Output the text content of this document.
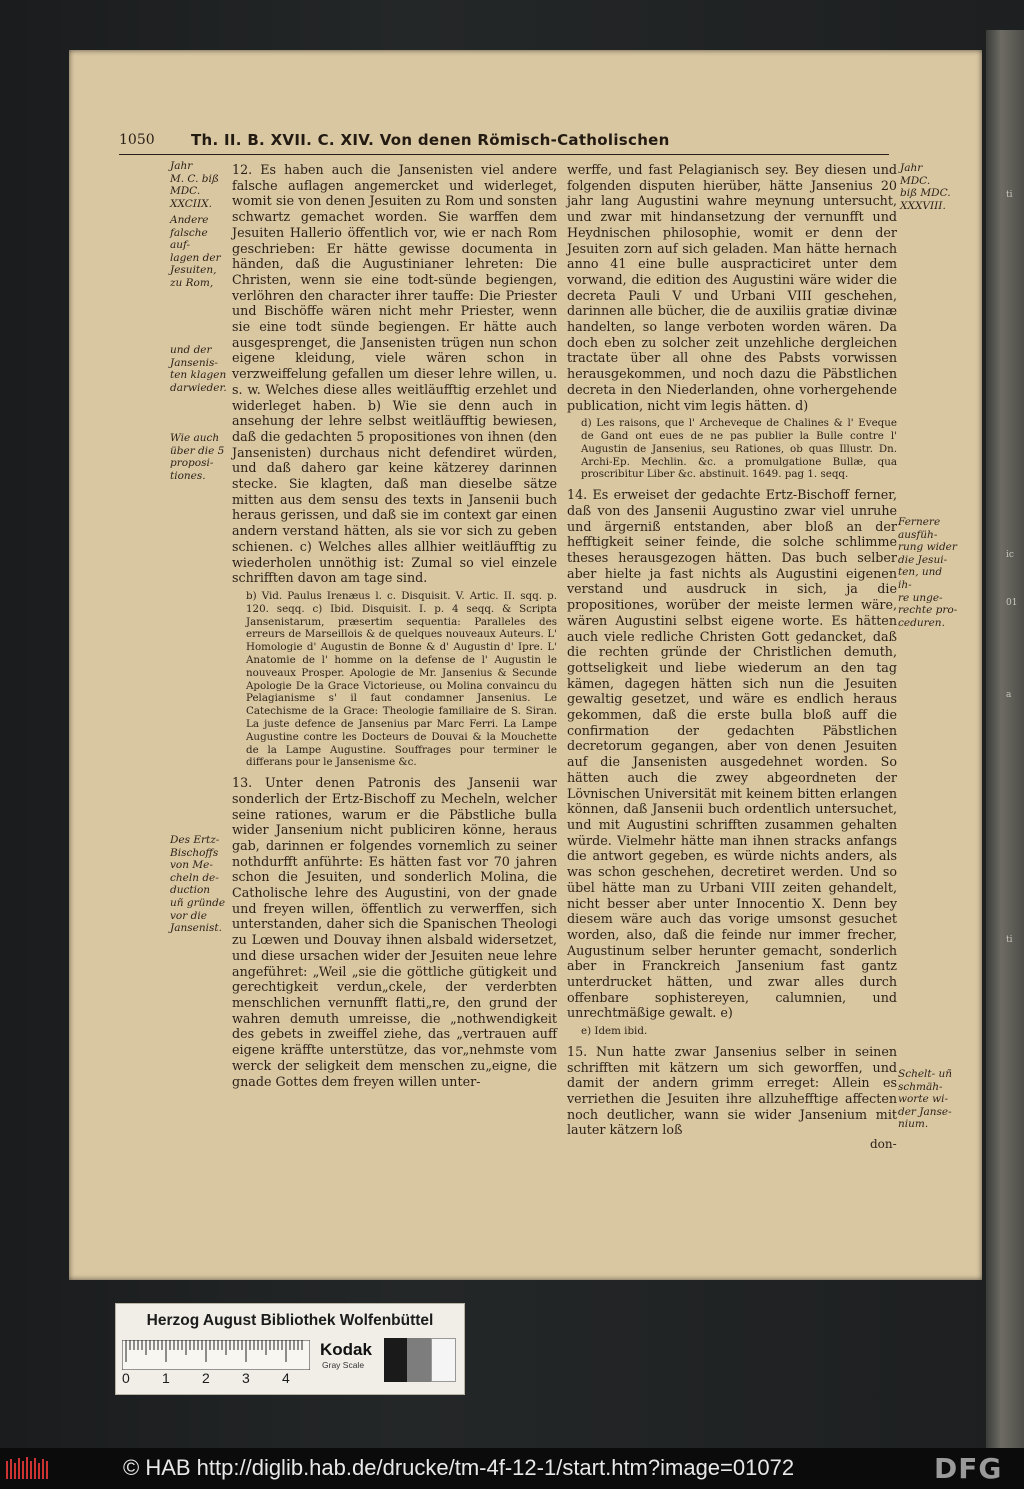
ti
ic
01
a
ti
1050 Th. II. B. XVII. C. XIV. Von denen Römisch-Catholischen
Jahr
M. C. biß
MDC.
XXCIIX.
Andere
falsche auf-
lagen der
Jesuiten,
zu Rom,
und der
Jansenis-
ten klagen
darwieder.
Wie auch
über die 5
proposi-
tiones.
Des Ertz-
Bischoffs
von Me-
cheln de-
duction
uñ gründe
vor die
Jansenist.
Jahr
MDC.
biß MDC.
XXXVIII.
Fernere
ausfüh-
rung wider
die Jesui-
ten, und ih-
re unge-
rechte pro-
ceduren.
Schelt- uñ
schmäh-
worte wi-
der Janse-
nium.

12. Es haben auch die Jansenisten viel andere falsche auflagen angemercket und widerleget, womit sie von denen Jesuiten zu Rom und sonsten schwartz gemachet worden. Sie warffen dem Jesuiten Hallerio öffentlich vor, wie er nach Rom geschrieben: Er hätte gewisse documenta in händen, daß die Augustinianer lehreten: Die Christen, wenn sie eine todt-sünde begiengen, verlöhren den character ihrer tauffe: Die Priester und Bischöffe wären nicht mehr Priester, wenn sie eine todt sünde begiengen. Er hätte auch ausgesprenget, die Jansenisten trügen nun schon eigene kleidung, viele wären schon in verzweiffelung gefallen um dieser lehre willen, u. s. w. Welches diese alles weitläufftig erzehlet und widerleget haben. b) Wie sie denn auch in ansehung der lehre selbst weitläufftig bewiesen, daß die gedachten 5 propositiones von ihnen (den Jansenisten) durchaus nicht defendiret würden, und daß dahero gar keine kätzerey darinnen stecke. Sie klagten, daß man dieselbe sätze mitten aus dem sensu des texts in Jansenii buch heraus gerissen, und daß sie im context gar einen andern verstand hätten, als sie vor sich zu geben schienen. c) Welches alles allhier weitläufftig zu wiederholen unnöthig ist: Zumal so viel einzele schrifften davon am tage sind.

b) Vid. Paulus Irenæus l. c. Disquisit. V. Artic. II. sqq. p. 120. seqq. c) Ibid. Disquisit. I. p. 4 seqq. & Scripta Jansenistarum, præsertim sequentia: Paralleles des erreurs de Marseillois & de quelques nouveaux Auteurs. L' Homologie d' Augustin de Bonne & d' Augustin d' Ipre. L' Anatomie de l' homme on la defense de l' Augustin le nouveaux Prosper. Apologie de Mr. Jansenius & Secunde Apologie De la Grace Victorieuse, ou Molina convaincu du Pelagianisme s' il faut condamner Jansenius. Le Catechisme de la Grace: Theologie familiaire de S. Siran. La juste defence de Jansenius par Marc Ferri. La Lampe Augustine contre les Docteurs de Douvai & la Mouchette de la Lampe Augustine. Souffrages pour terminer le differans pour le Jansenisme &c.

13. Unter denen Patronis des Jansenii war sonderlich der Ertz-Bischoff zu Mecheln, welcher seine rationes, warum er die Päbstliche bulla wider Jansenium nicht publiciren könne, heraus gab, darinnen er folgendes vornemlich zu seiner nothdurfft anführte: Es hätten fast vor 70 jahren schon die Jesuiten, und sonderlich Molina, die Catholische lehre des Augustini, von der gnade und freyen willen, öffentlich zu verwerffen, sich unterstanden, daher sich die Spanischen Theologi zu Lœwen und Douvay ihnen alsbald widersetzet, und diese ursachen wider der Jesuiten neue lehre angeführet: „Weil „sie die göttliche gütigkeit und gerechtigkeit verdun„ckele, der verderbten menschlichen vernunfft flatti„re, den grund der wahren demuth umreisse, die „nothwendigkeit des gebets in zweiffel ziehe, das „vertrauen auff eigene kräffte unterstütze, das vor„nehmste vom werck der seligkeit dem menschen zu„eigne, die gnade Gottes dem freyen willen unter-

werffe, und fast Pelagianisch sey. Bey diesen und folgenden disputen hierüber, hätte Jansenius 20 jahr lang Augustini wahre meynung untersucht, und zwar mit hindansetzung der vernunfft und Heydnischen philosophie, womit er denn der Jesuiten zorn auf sich geladen. Man hätte hernach anno 41 eine bulle auspracticiret unter dem vorwand, die edition des Augustini wäre wider die decreta Pauli V und Urbani VIII geschehen, darinnen alle bücher, die de auxiliis gratiæ divinæ handelten, so lange verboten worden wären. Da doch eben zu solcher zeit unzehliche dergleichen tractate über all ohne des Pabsts vorwissen herausgekommen, und noch dazu die Päbstlichen decreta in den Niederlanden, ohne vorhergehende publication, nicht vim legis hätten. d)

d) Les raisons, que l' Archeveque de Chalines & l' Eveque de Gand ont eues de ne pas publier la Bulle contre l' Augustin de Jansenius, seu Rationes, ob quas Illustr. Dn. Archi-Ep. Mechlin. &c. a promulgatione Bullæ, qua proscribitur Liber &c. abstinuit. 1649. pag 1. seqq.

14. Es erweiset der gedachte Ertz-Bischoff ferner, daß von des Jansenii Augustino zwar viel unruhe und ärgerniß entstanden, aber bloß an der hefftigkeit seiner feinde, die solche schlimme theses herausgezogen hätten. Das buch selber aber hielte ja fast nichts als Augustini eigenen verstand und ausdruck in sich, ja die propositiones, worüber der meiste lermen wäre, wären Augustini selbst eigene worte. Es hätten auch viele redliche Christen Gott gedancket, daß die rechten gründe der Christlichen demuth, gottseligkeit und liebe wiederum an den tag kämen, dagegen hätten sich nun die Jesuiten gewaltig gesetzet, und wäre es endlich heraus gekommen, daß die erste bulla bloß auff die confirmation der gedachten Päbstlichen decretorum gegangen, aber von denen Jesuiten auf die Jansenisten ausgedehnet worden. So hätten auch die zwey abgeordneten der Lövnischen Universität mit keinem bitten erlangen können, daß Jansenii buch ordentlich untersuchet, und mit Augustini schrifften zusammen gehalten würde. Vielmehr hätte man ihnen stracks anfangs die antwort gegeben, es würde nichts anders, als was schon geschehen, decretiret werden. Und so übel hätte man zu Urbani VIII zeiten gehandelt, nicht besser aber unter Innocentio X. Denn bey diesem wäre auch das vorige umsonst gesuchet worden, also, daß die feinde nur immer frecher, Augustinum selber herunter gemacht, sonderlich aber in Franckreich Jansenium fast gantz unterdrucket hätten, und zwar alles durch offenbare sophistereyen, calumnien, und unrechtmäßige gewalt. e)

e) Idem ibid.

15. Nun hatte zwar Jansenius selber in seinen schrifften mit kätzern um sich geworffen, und damit der andern grimm erreget: Allein es verriethen die Jesuiten ihre allzuhefftige affecten noch deutlicher, wann sie wider Jansenium mit lauter kätzern loß

don-
Herzog August Bibliothek Wolfenbüttel
0 1 2 3 4
Kodak
Gray Scale
© HAB http://diglib.hab.de/drucke/tm-4f-12-1/start.htm?image=01072	DFG
